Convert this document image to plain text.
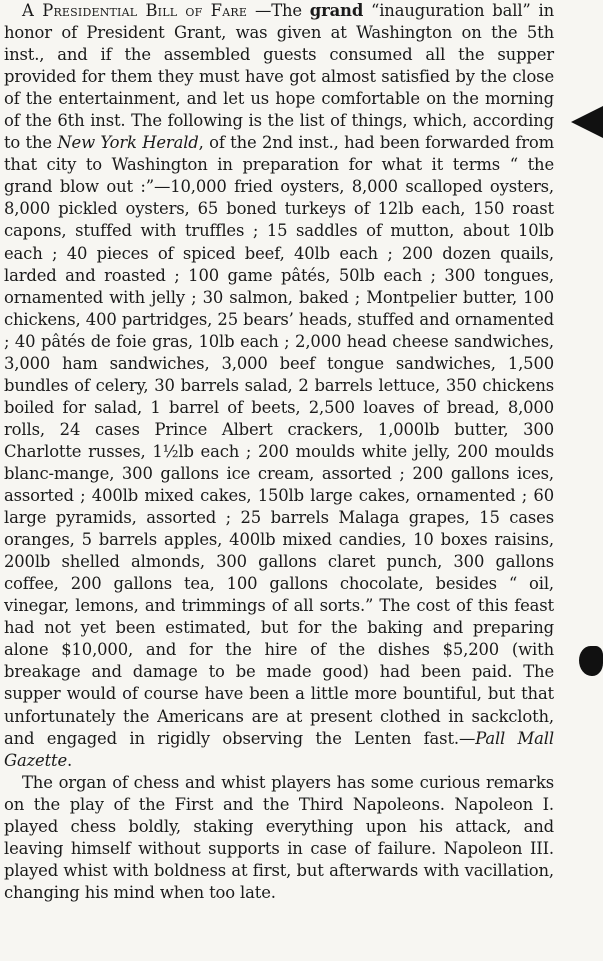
A Presidential Bill of Fare —The grand “inauguration ball” in honor of President Grant, was given at Washington on the 5th inst., and if the assembled guests consumed all the supper provided for them they must have got almost satisfied by the close of the entertainment, and let us hope comfortable on the morning of the 6th inst. The following is the list of things, which, according to the New York Herald, of the 2nd inst., had been forwarded from that city to Washington in preparation for what it terms “ the grand blow out :”—10,000 fried oysters, 8,000 scalloped oysters, 8,000 pickled oysters, 65 boned turkeys of 12lb each, 150 roast capons, stuffed with truffles ; 15 saddles of mutton, about 10lb each ; 40 pieces of spiced beef, 40lb each ; 200 dozen quails, larded and roasted ; 100 game pâtés, 50lb each ; 300 tongues, ornamented with jelly ; 30 salmon, baked ; Montpelier butter, 100 chickens, 400 partridges, 25 bears’ heads, stuffed and ornamented ; 40 pâtés de foie gras, 10lb each ; 2,000 head cheese sandwiches, 3,000 ham sandwiches, 3,000 beef tongue sandwiches, 1,500 bundles of celery, 30 barrels salad, 2 barrels lettuce, 350 chickens boiled for salad, 1 barrel of beets, 2,500 loaves of bread, 8,000 rolls, 24 cases Prince Albert crackers, 1,000lb butter, 300 Charlotte russes, 1½lb each ; 200 moulds white jelly, 200 moulds blanc-mange, 300 gallons ice cream, assorted ; 200 gallons ices, assorted ; 400lb mixed cakes, 150lb large cakes, ornamented ; 60 large pyramids, assorted ; 25 barrels Malaga grapes, 15 cases oranges, 5 barrels apples, 400lb mixed candies, 10 boxes raisins, 200lb shelled almonds, 300 gallons claret punch, 300 gallons coffee, 200 gallons tea, 100 gallons chocolate, besides “ oil, vinegar, lemons, and trimmings of all sorts.” The cost of this feast had not yet been estimated, but for the baking and preparing alone $10,000, and for the hire of the dishes $5,200 (with breakage and damage to be made good) had been paid. The supper would of course have been a little more bountiful, but that unfortunately the Americans are at present clothed in sackcloth, and engaged in rigidly observing the Lenten fast.—Pall Mall Gazette.

The organ of chess and whist players has some curious remarks on the play of the First and the Third Napoleons. Napoleon I. played chess boldly, staking everything upon his attack, and leaving himself without supports in case of failure. Napoleon III. played whist with boldness at first, but afterwards with vacillation, changing his mind when too late.
